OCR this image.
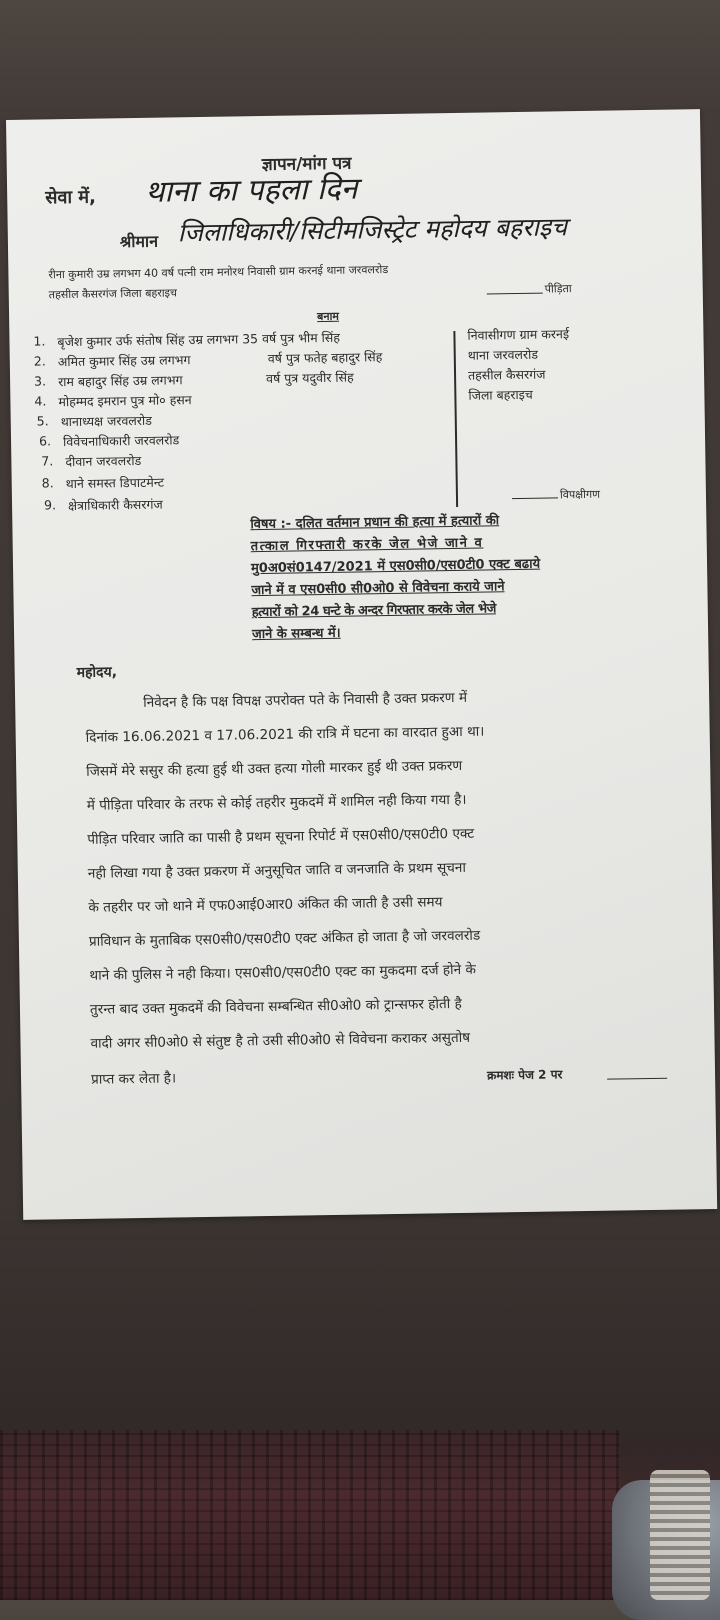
ज्ञापन/मांग पत्र
सेवा में, थाना का पहला दिन
श्रीमान जिलाधिकारी/सिटीमजिस्ट्रेट महोदय बहराइच
रीना कुमारी उम्र लगभग 40 वर्ष पत्नी राम मनोरथ निवासी ग्राम करनई थाना जरवलरोड
तहसील कैसरगंज जिला बहराइच	पीड़िता
बनाम
1. बृजेश कुमार उर्फ संतोष सिंह उम्र लगभग 35 वर्ष पुत्र भीम सिंह
2. अमित कुमार सिंह उम्र लगभग	वर्ष पुत्र फतेह बहादुर सिंह
3. राम बहादुर सिंह उम्र लगभग	वर्ष पुत्र यदुवीर सिंह
4. मोहम्मद इमरान पुत्र मो० हसन
5. थानाध्यक्ष जरवलरोड
6. विवेचनाधिकारी जरवलरोड
7. दीवान जरवलरोड
8. थाने समस्त डिपाटमेन्ट
9. क्षेत्राधिकारी कैसरगंज
निवासीगण ग्राम करनई
थाना जरवलरोड
तहसील कैसरगंज
जिला बहराइच
विपक्षीगण
विषय :- दलित वर्तमान प्रधान की हत्या में हत्यारों की
तत्काल गिरफ्तारी करके जेल भेजे जाने व
मु0अ0सं0147/2021 में एस0सी0/एस0टी0 एक्ट बढाये
जाने में व एस0सी0 सी0ओ0 से विवेचना कराये जाने
हत्यारों को 24 घन्टे के अन्दर गिरफ्तार करके जेल भेजे
जाने के सम्बन्ध में।
महोदय,
निवेदन है कि पक्ष विपक्ष उपरोक्त पते के निवासी है उक्त प्रकरण में
दिनांक 16.06.2021 व 17.06.2021 की रात्रि में घटना का वारदात हुआ था।
जिसमें मेरे ससुर की हत्या हुई थी उक्त हत्या गोली मारकर हुई थी उक्त प्रकरण
में पीड़िता परिवार के तरफ से कोई तहरीर मुकदमें में शामिल नही किया गया है।
पीड़ित परिवार जाति का पासी है प्रथम सूचना रिपोर्ट में एस0सी0/एस0टी0 एक्ट
नही लिखा गया है उक्त प्रकरण में अनुसूचित जाति व जनजाति के प्रथम सूचना
के तहरीर पर जो थाने में एफ0आई0आर0 अंकित की जाती है उसी समय
प्राविधान के मुताबिक एस0सी0/एस0टी0 एक्ट अंकित हो जाता है जो जरवलरोड
थाने की पुलिस ने नही किया। एस0सी0/एस0टी0 एक्ट का मुकदमा दर्ज होने के
तुरन्त बाद उक्त मुकदमें की विवेचना सम्बन्धित सी0ओ0 को ट्रान्सफर होती है
वादी अगर सी0ओ0 से संतुष्ट है तो उसी सी0ओ0 से विवेचना कराकर असुतोष
प्राप्त कर लेता है।	क्रमशः पेज 2 पर
